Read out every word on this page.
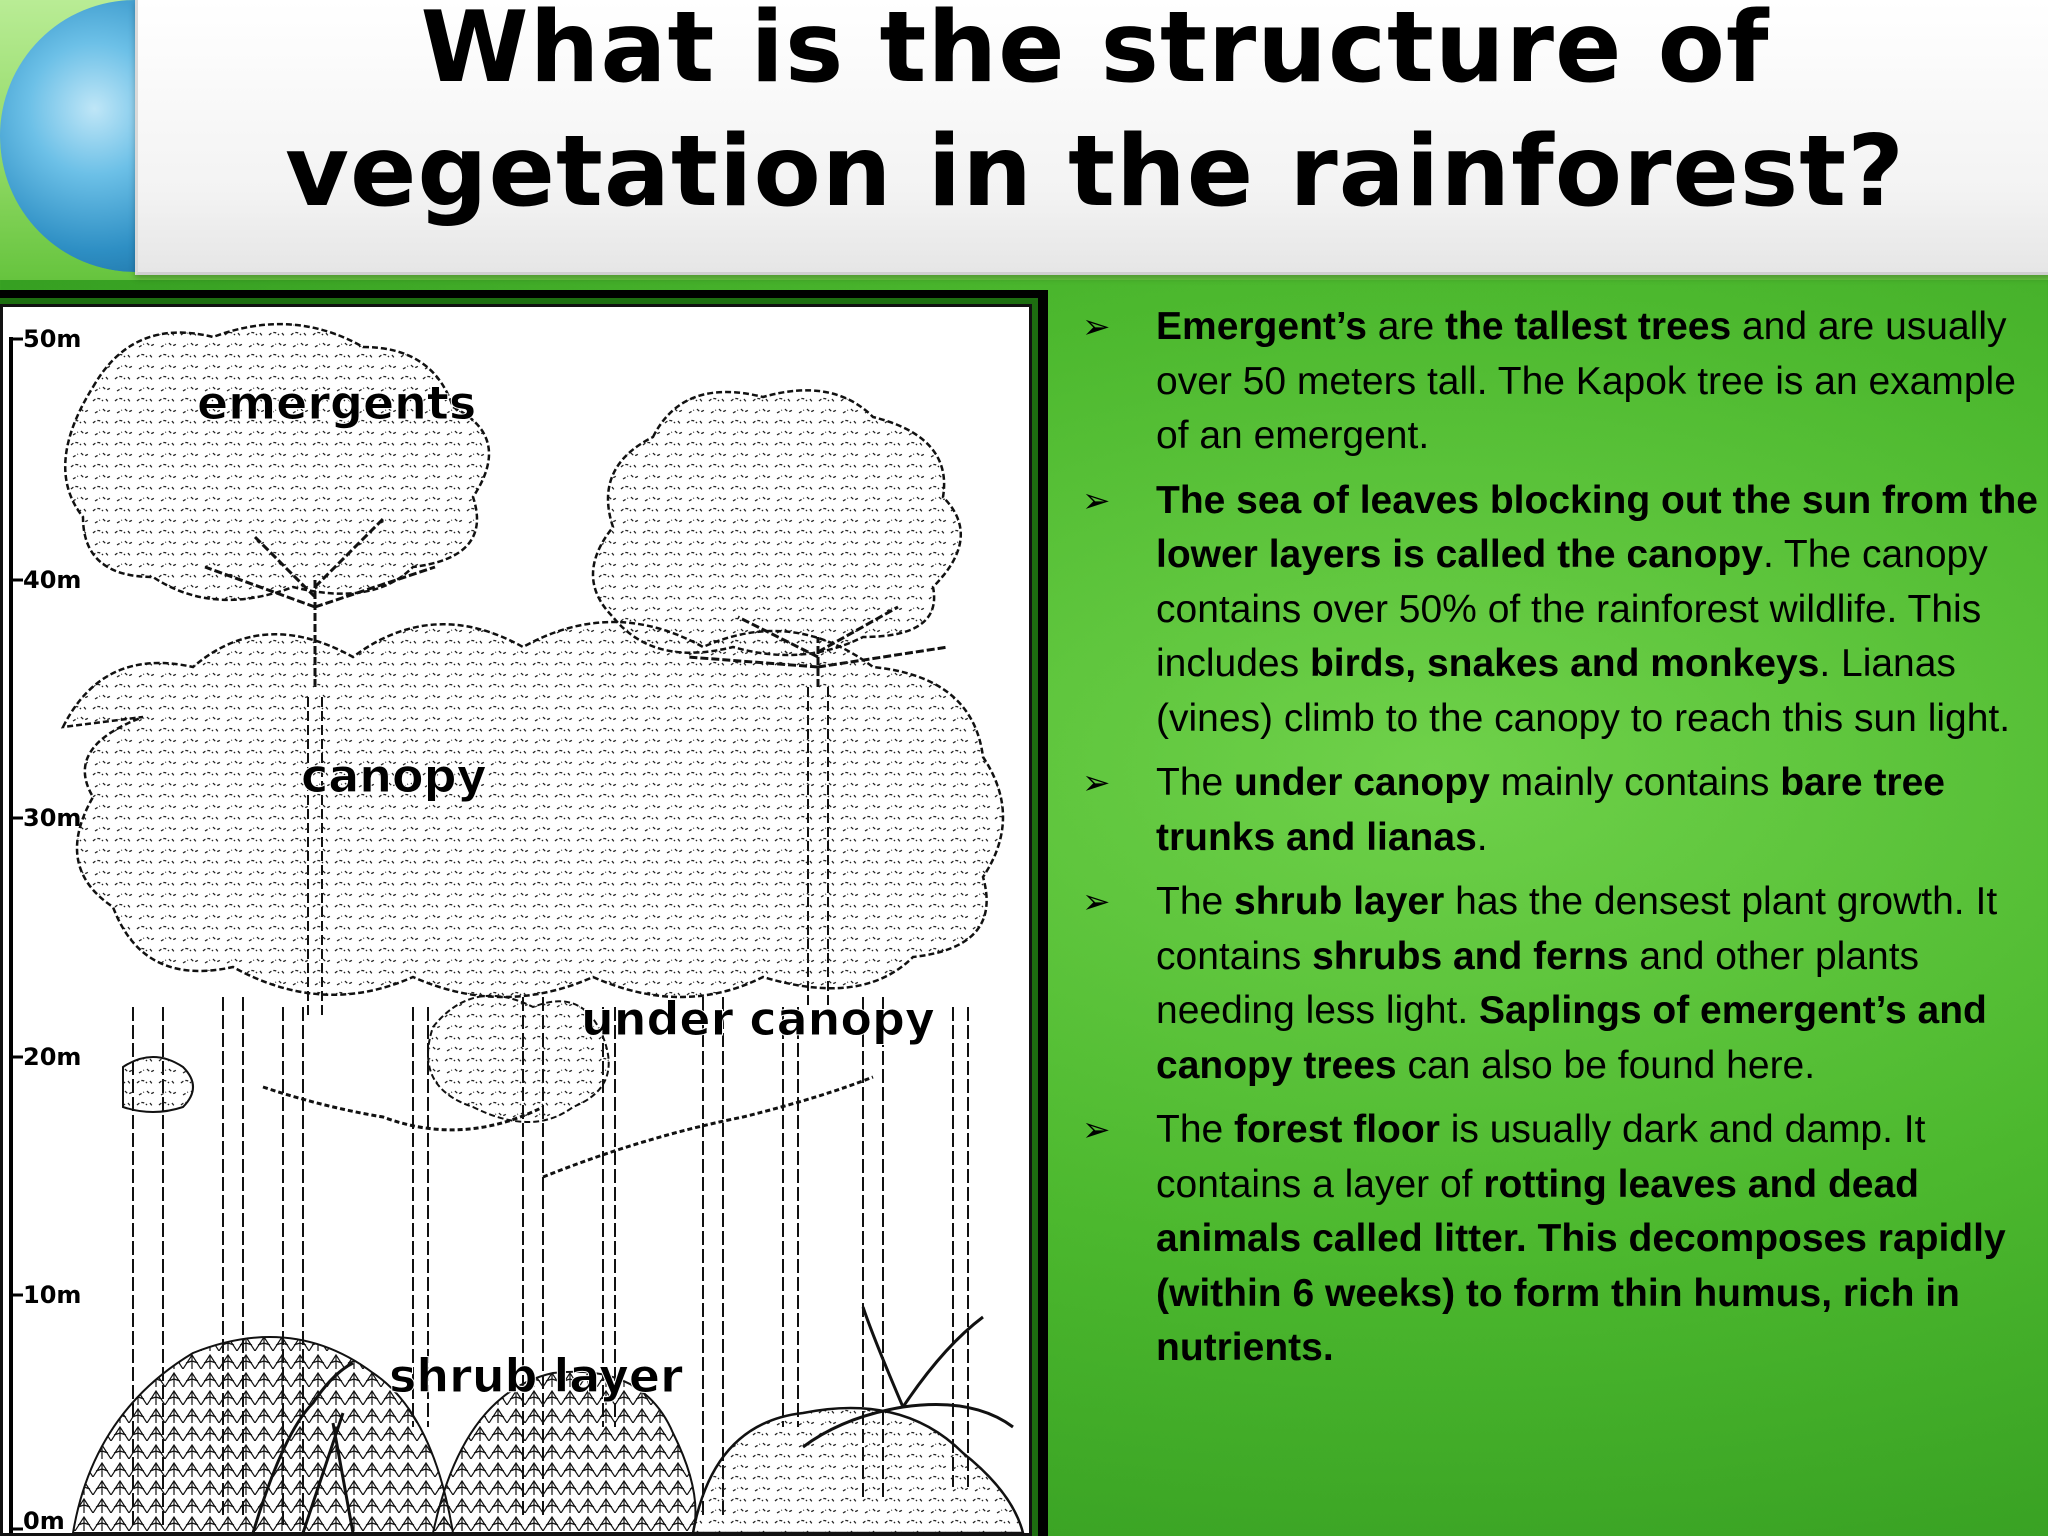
What is the structure of
vegetation in the rainforest?
50m
40m
30m
20m
10m
0m
emergents
canopy
under canopy
shrub layer
➢ Emergent’s are the tallest trees and are usually over 50 meters tall. The Kapok tree is an example of an emergent.
➢ The sea of leaves blocking out the sun from the lower layers is called the canopy. The canopy contains over 50% of the rainforest wildlife. This includes birds, snakes and monkeys. Lianas (vines) climb to the canopy to reach this sun light.
➢ The under canopy mainly contains bare tree trunks and lianas.
➢ The shrub layer has the densest plant growth. It contains shrubs and ferns and other plants needing less light. Saplings of emergent’s and canopy trees can also be found here.
➢ The forest floor is usually dark and damp. It contains a layer of rotting leaves and dead animals called litter. This decomposes rapidly (within 6 weeks) to form thin humus, rich in nutrients.
